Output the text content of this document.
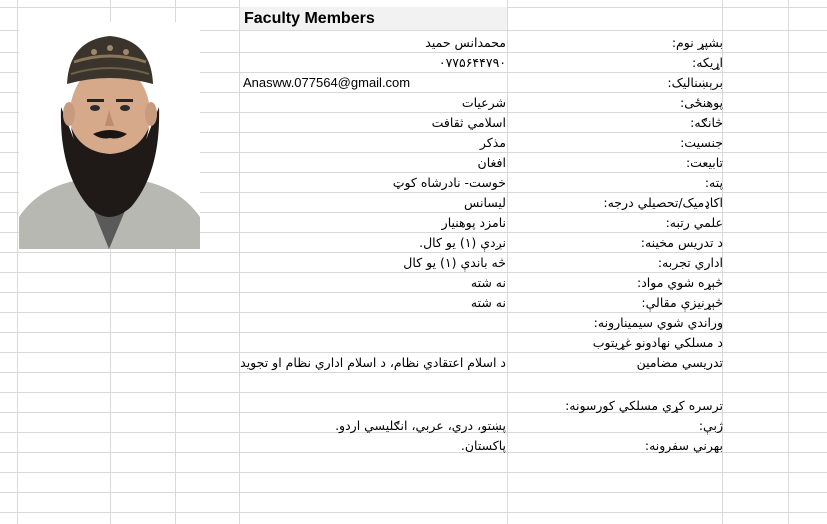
Faculty Members
بشپړ نوم:
محمدانس حمید
اړیکه:
۰۷۷۵۶۴۴۷۹۰
برېښنالیک:
Anasww.077564@gmail.com
پوهنځی:
شرعیات
څانګه:
اسلامي ثقافت
جنسیت:
مذکر
تابیعت:
افغان
پته:
خوست- نادرشاه کوټ
اکاډمیک/تحصیلي درجه:
لیسانس
علمي رتبه:
نامزد پوهنیار
د تدریس مخینه:
نږدې (۱) یو کال.
اداري تجربه:
څه باندې (۱) یو کال
څېړه شوي مواد:
نه شته
څېړنیزې مقالې:
نه شته
وراندي شوي سیمینارونه:
د مسلکي نهادونو غړیتوب
تدریسي مضامین
د اسلام اعتقادي نظام، د اسلام اداري نظام او تجوید
ترسره کړي مسلکي کورسونه:
ژبې:
پښتو، دري، عربي، انګلیسي اردو.
بهرني سفرونه:
پاکستان.
